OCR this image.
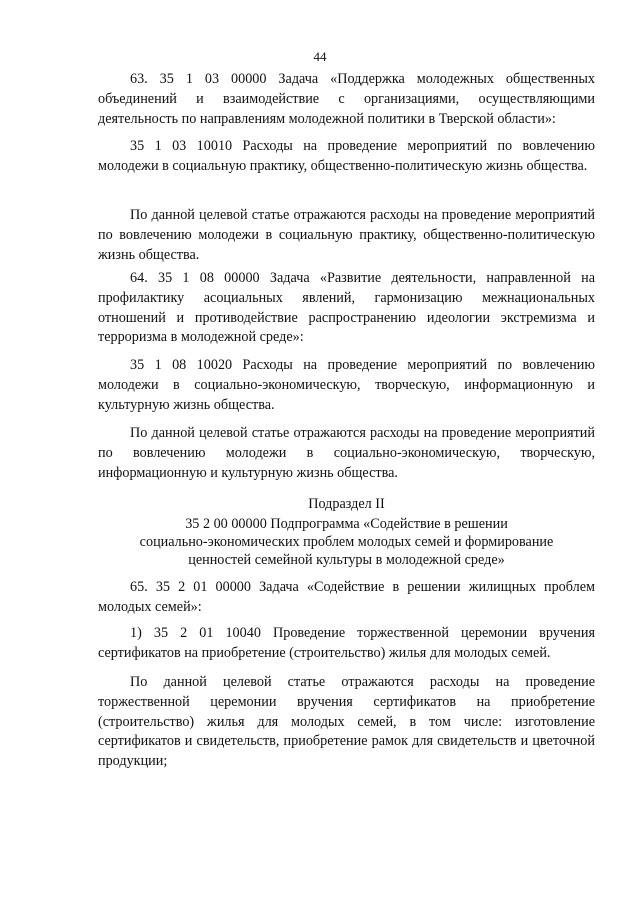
44

63. 35 1 03 00000 Задача «Поддержка молодежных общественных объединений и взаимодействие с организациями, осуществляющими деятельность по направлениям молодежной политики в Тверской области»:

35 1 03 10010 Расходы на проведение мероприятий по вовлечению молодежи в социальную практику, общественно-политическую жизнь общества.

По данной целевой статье отражаются расходы на проведение мероприятий по вовлечению молодежи в социальную практику, общественно-политическую жизнь общества.

64. 35 1 08 00000 Задача «Развитие деятельности, направленной на профилактику асоциальных явлений, гармонизацию межнациональных отношений и противодействие распространению идеологии экстремизма и терроризма в молодежной среде»:

35 1 08 10020 Расходы на проведение мероприятий по вовлечению молодежи в социально-экономическую, творческую, информационную и культурную жизнь общества.

По данной целевой статье отражаются расходы на проведение мероприятий по вовлечению молодежи в социально-экономическую, творческую, информационную и культурную жизнь общества.

Подраздел II
35 2 00 00000 Подпрограмма «Содействие в решении
социально-экономических проблем молодых семей и формирование
ценностей семейной культуры в молодежной среде»

65. 35 2 01 00000 Задача «Содействие в решении жилищных проблем молодых семей»:

1) 35 2 01 10040 Проведение торжественной церемонии вручения сертификатов на приобретение (строительство) жилья для молодых семей.

По данной целевой статье отражаются расходы на проведение торжественной церемонии вручения сертификатов на приобретение (строительство) жилья для молодых семей, в том числе: изготовление сертификатов и свидетельств, приобретение рамок для свидетельств и цветочной продукции;
